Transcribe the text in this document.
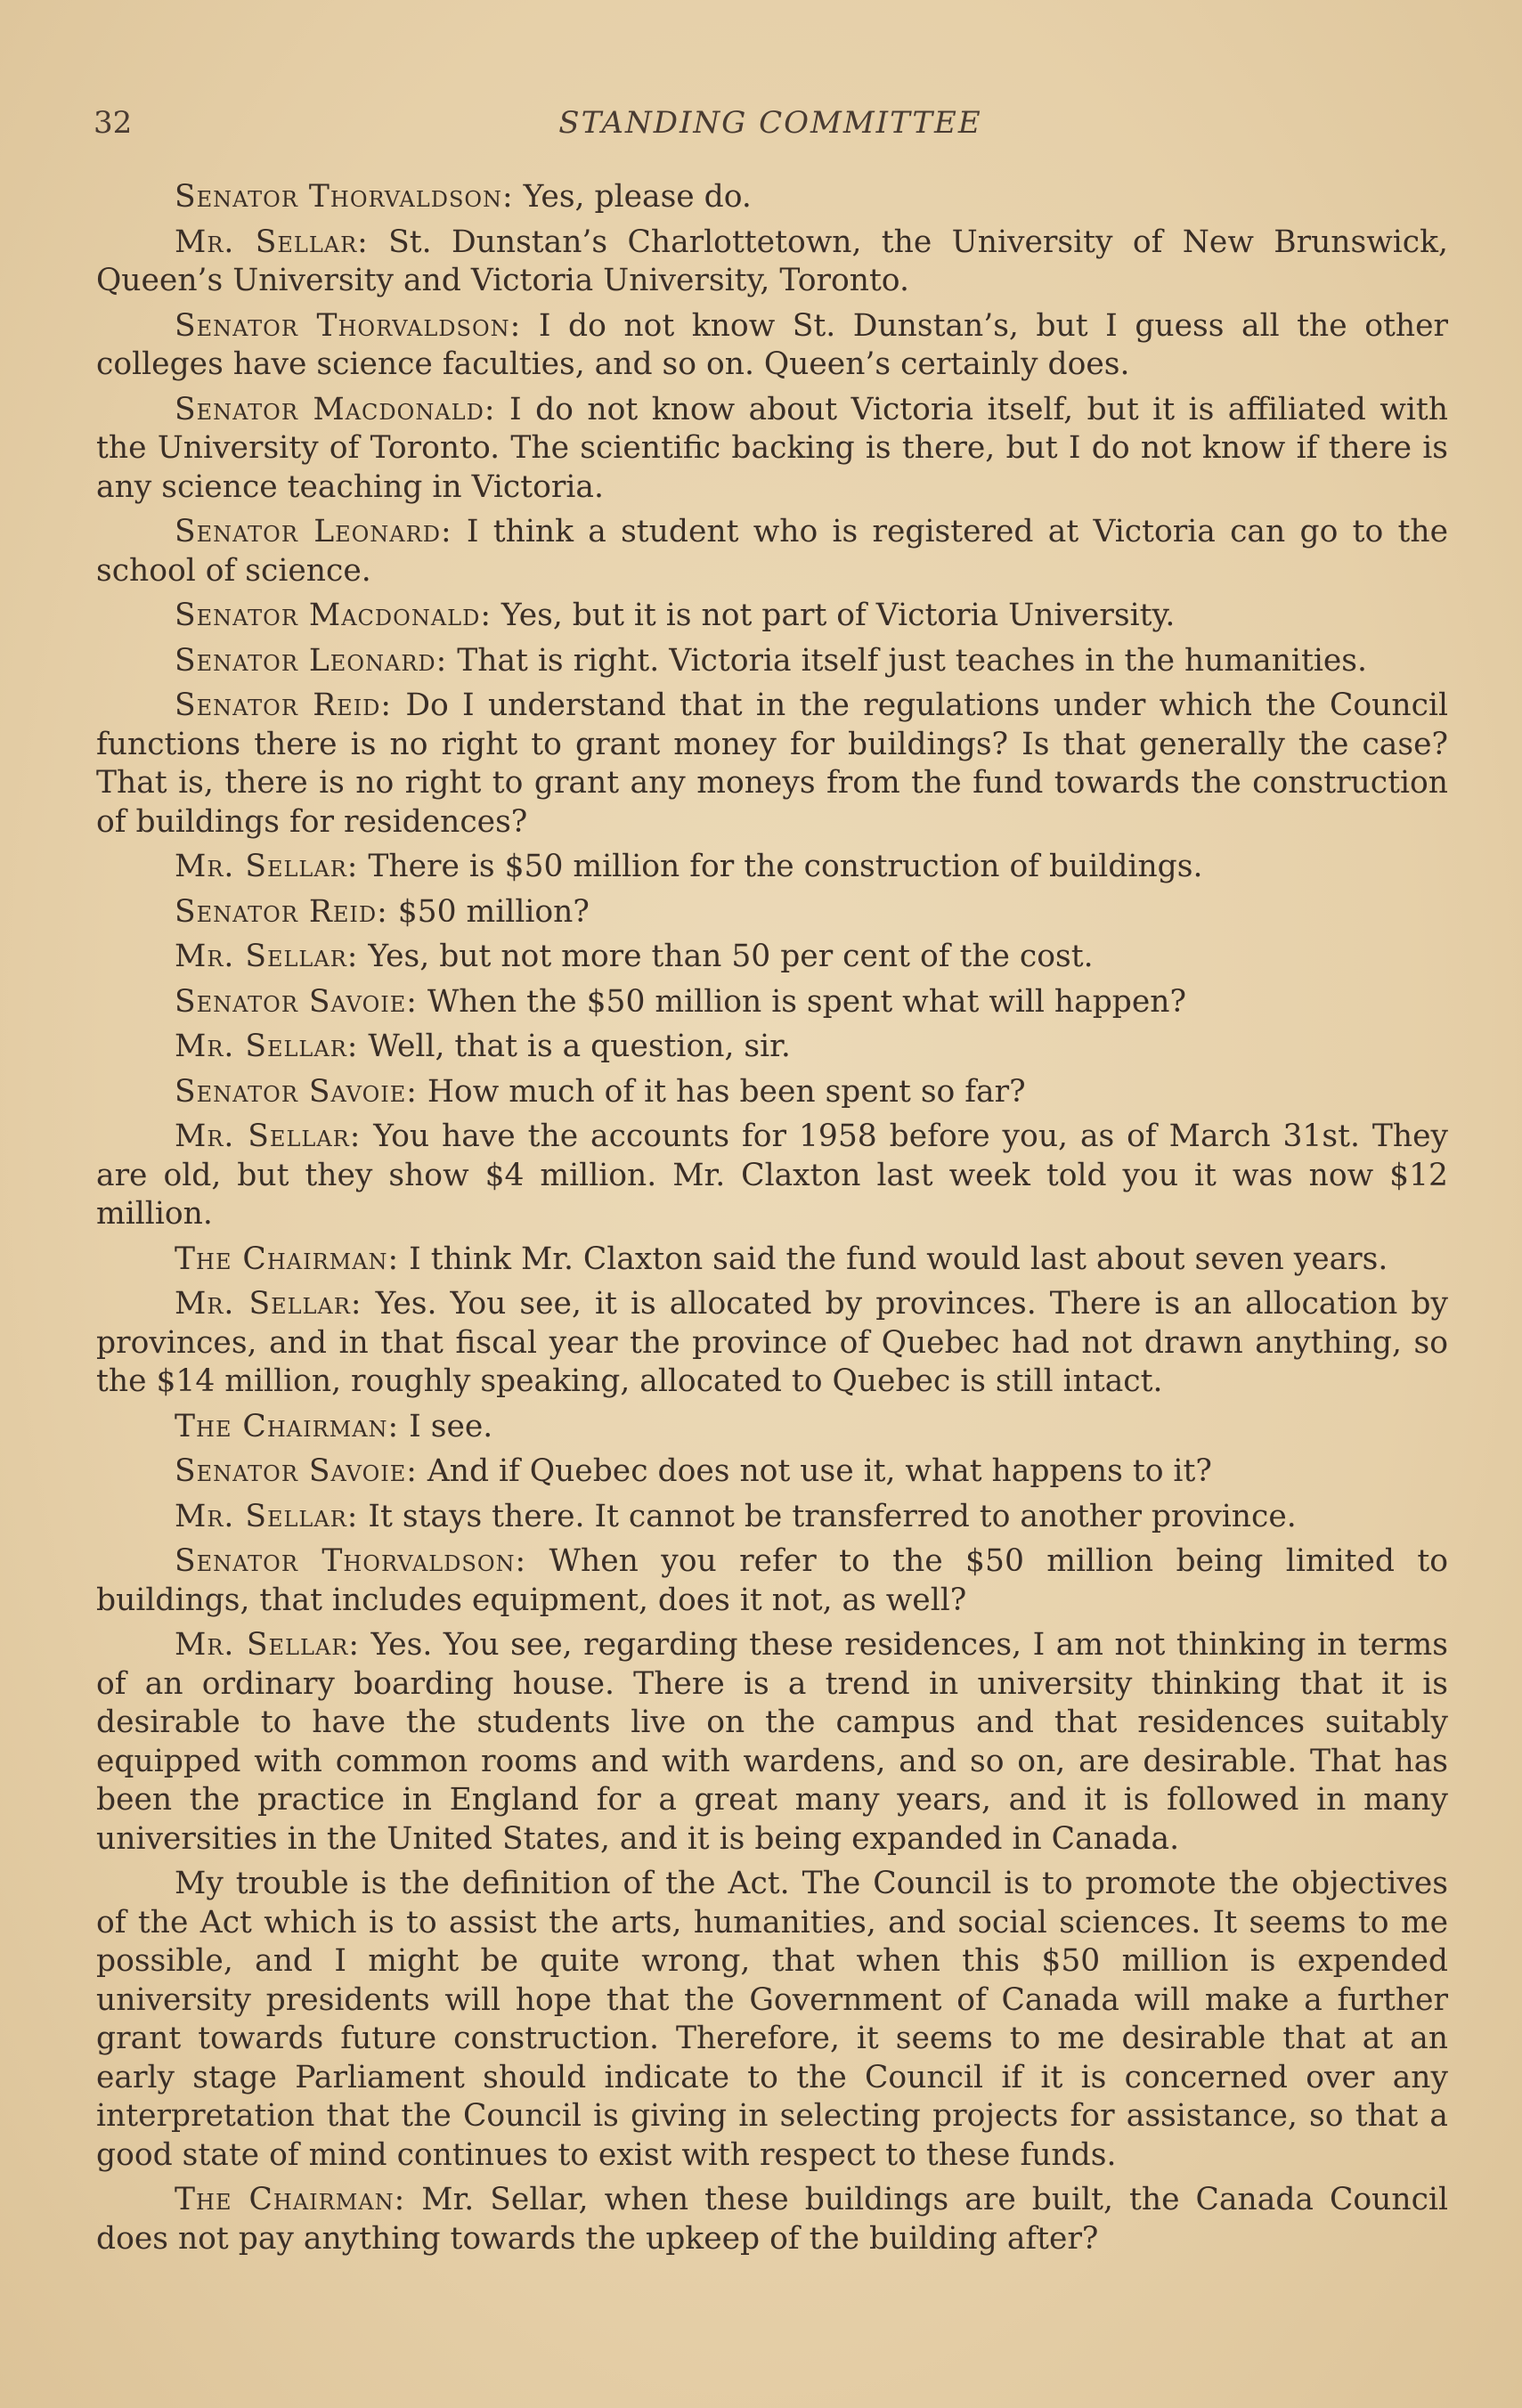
32	STANDING COMMITTEE

Senator Thorvaldson: Yes, please do.

Mr. Sellar: St. Dunstan’s Charlottetown, the University of New Brunswick, Queen’s University and Victoria University, Toronto.

Senator Thorvaldson: I do not know St. Dunstan’s, but I guess all the other colleges have science faculties, and so on. Queen’s certainly does.

Senator Macdonald: I do not know about Victoria itself, but it is affiliated with the University of Toronto. The scientific backing is there, but I do not know if there is any science teaching in Victoria.

Senator Leonard: I think a student who is registered at Victoria can go to the school of science.

Senator Macdonald: Yes, but it is not part of Victoria University.

Senator Leonard: That is right. Victoria itself just teaches in the humanities.

Senator Reid: Do I understand that in the regulations under which the Council functions there is no right to grant money for buildings? Is that generally the case? That is, there is no right to grant any moneys from the fund towards the construction of buildings for residences?

Mr. Sellar: There is $50 million for the construction of buildings.

Senator Reid: $50 million?

Mr. Sellar: Yes, but not more than 50 per cent of the cost.

Senator Savoie: When the $50 million is spent what will happen?

Mr. Sellar: Well, that is a question, sir.

Senator Savoie: How much of it has been spent so far?

Mr. Sellar: You have the accounts for 1958 before you, as of March 31st. They are old, but they show $4 million. Mr. Claxton last week told you it was now $12 million.

The Chairman: I think Mr. Claxton said the fund would last about seven years.

Mr. Sellar: Yes. You see, it is allocated by provinces. There is an allocation by provinces, and in that fiscal year the province of Quebec had not drawn anything, so the $14 million, roughly speaking, allocated to Quebec is still intact.

The Chairman: I see.

Senator Savoie: And if Quebec does not use it, what happens to it?

Mr. Sellar: It stays there. It cannot be transferred to another province.

Senator Thorvaldson: When you refer to the $50 million being limited to buildings, that includes equipment, does it not, as well?

Mr. Sellar: Yes. You see, regarding these residences, I am not thinking in terms of an ordinary boarding house. There is a trend in university thinking that it is desirable to have the students live on the campus and that residences suitably equipped with common rooms and with wardens, and so on, are desirable. That has been the practice in England for a great many years, and it is followed in many universities in the United States, and it is being expanded in Canada.

My trouble is the definition of the Act. The Council is to promote the objectives of the Act which is to assist the arts, humanities, and social sciences. It seems to me possible, and I might be quite wrong, that when this $50 million is expended university presidents will hope that the Government of Canada will make a further grant towards future construction. Therefore, it seems to me desirable that at an early stage Parliament should indicate to the Council if it is concerned over any interpretation that the Council is giving in selecting projects for assistance, so that a good state of mind continues to exist with respect to these funds.

The Chairman: Mr. Sellar, when these buildings are built, the Canada Council does not pay anything towards the upkeep of the building after?
